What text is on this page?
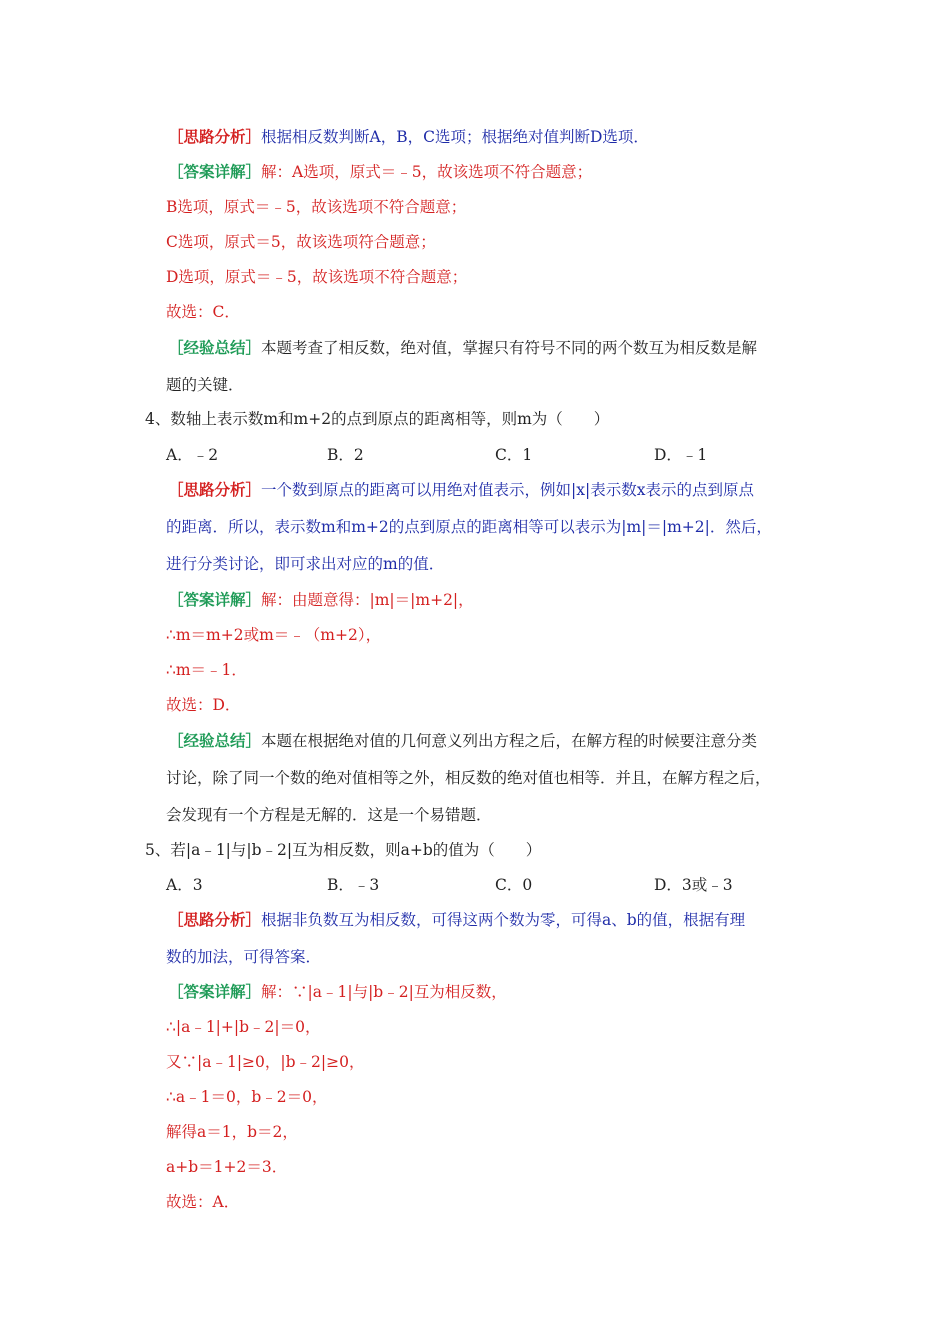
［思路分析］根据相反数判断A，B，C选项；根据绝对值判断D选项．
［答案详解］解：A选项，原式＝﹣5，故该选项不符合题意；
B选项，原式＝﹣5，故该选项不符合题意；
C选项，原式＝5，故该选项符合题意；
D选项，原式＝﹣5，故该选项不符合题意；
故选：C．
［经验总结］本题考查了相反数，绝对值，掌握只有符号不同的两个数互为相反数是解
题的关键．
4、数轴上表示数m和m+2的点到原点的距离相等，则m为（　　）
A．﹣2	B．2	C．1	D．﹣1
［思路分析］一个数到原点的距离可以用绝对值表示，例如|x|表示数x表示的点到原点
的距离．所以，表示数m和m+2的点到原点的距离相等可以表示为|m|＝|m+2|．然后，
进行分类讨论，即可求出对应的m的值．
［答案详解］解：由题意得：|m|＝|m+2|，
∴m＝m+2或m＝﹣（m+2），
∴m＝﹣1．
故选：D．
［经验总结］本题在根据绝对值的几何意义列出方程之后，在解方程的时候要注意分类
讨论，除了同一个数的绝对值相等之外，相反数的绝对值也相等．并且，在解方程之后，
会发现有一个方程是无解的．这是一个易错题．
5、若|a﹣1|与|b﹣2|互为相反数，则a+b的值为（　　）
A．3	B．﹣3	C．0	D．3或﹣3
［思路分析］根据非负数互为相反数，可得这两个数为零，可得a、b的值，根据有理
数的加法，可得答案．
［答案详解］解：∵|a﹣1|与|b﹣2|互为相反数，
∴|a﹣1|+|b﹣2|＝0，
又∵|a﹣1|≥0，|b﹣2|≥0，
∴a﹣1＝0，b﹣2＝0，
解得a＝1，b＝2，
a+b＝1+2＝3．
故选：A．
